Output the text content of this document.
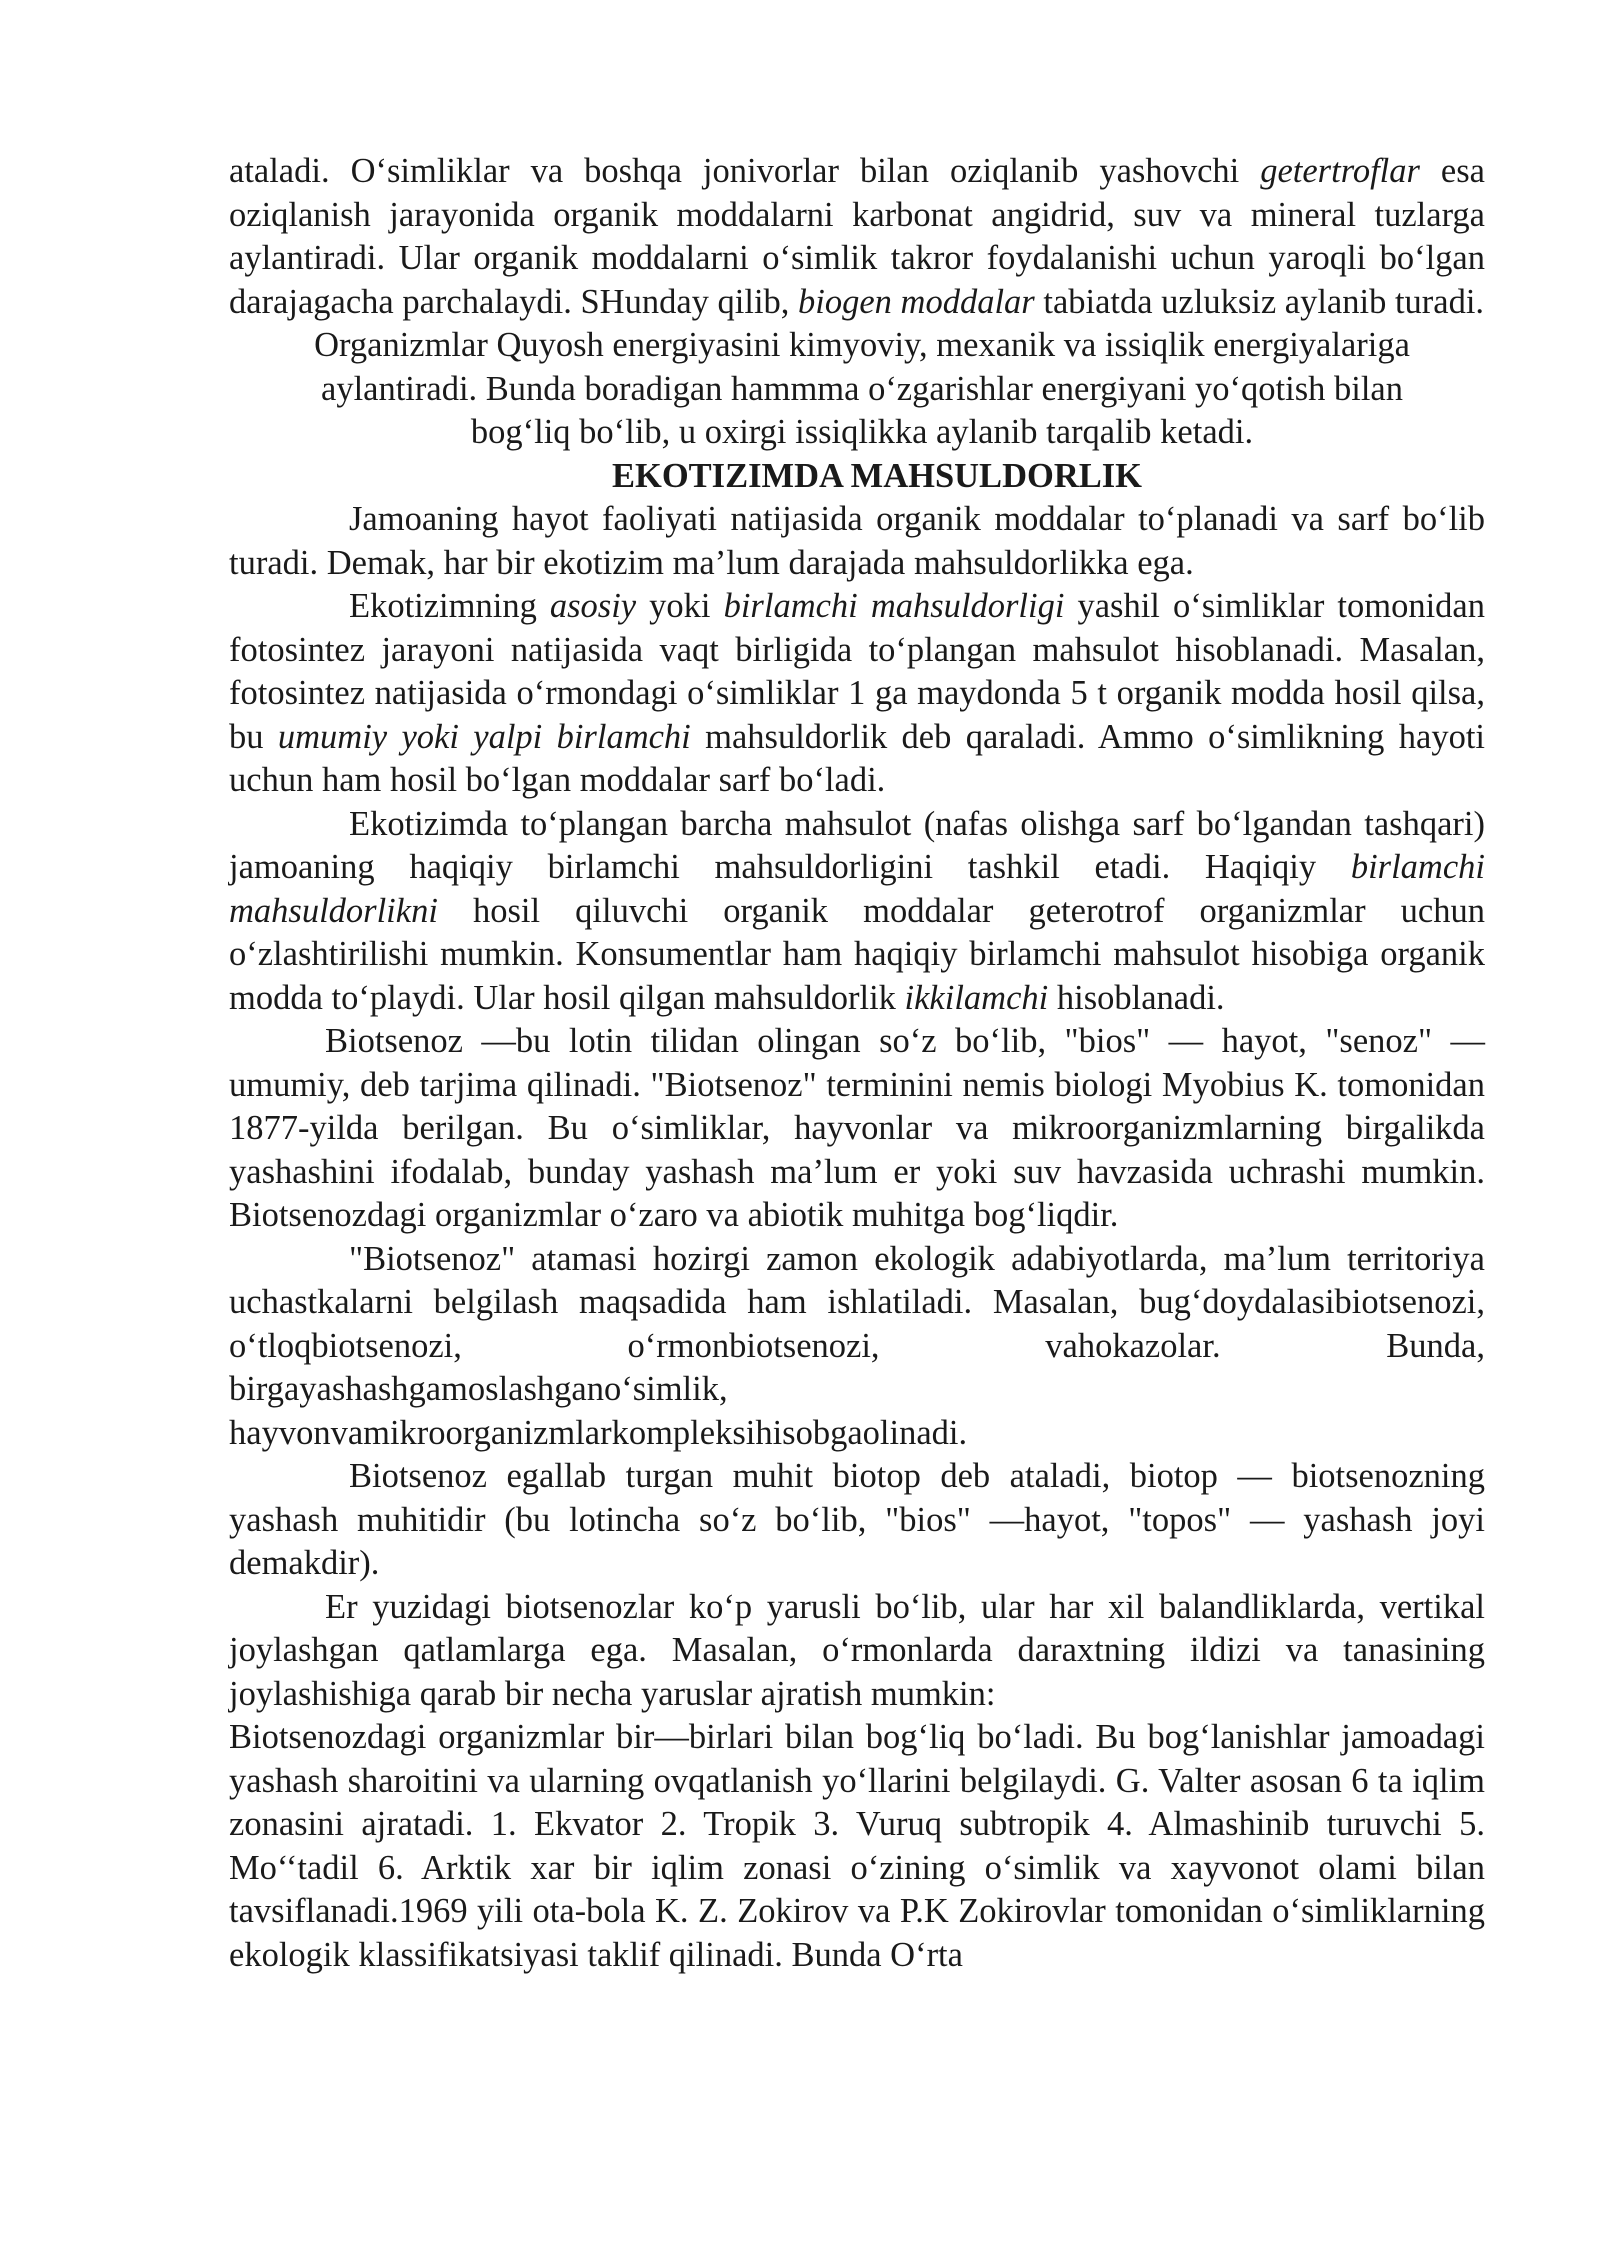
ataladi. O‘simliklar va boshqa jonivorlar bilan oziqlanib yashovchi getertroflar esa oziqlanish jarayonida organik moddalarni karbonat angidrid, suv va mineral tuzlarga aylantiradi. Ular organik moddalarni o‘simlik takror foydalanishi uchun yaroqli bo‘lgan darajagacha parchalaydi. SHunday qilib, biogen moddalar tabiatda uzluksiz aylanib turadi.

Organizmlar Quyosh energiyasini kimyoviy, mexanik va issiqlik energiyalariga aylantiradi. Bunda boradigan hammma o‘zgarishlar energiyani yo‘qotish bilan bog‘liq bo‘lib, u oxirgi issiqlikka aylanib tarqalib ketadi.

EKOTIZIMDA MAHSULDORLIK

Jamoaning hayot faoliyati natijasida organik moddalar to‘planadi va sarf bo‘lib turadi. Demak, har bir ekotizim ma’lum darajada mahsuldorlikka ega.

Ekotizimning asosiy yoki birlamchi mahsuldorligi yashil o‘simliklar tomonidan fotosintez jarayoni natijasida vaqt birligida to‘plangan mahsulot hisoblanadi. Masalan, fotosintez natijasida o‘rmondagi o‘simliklar 1 ga maydonda 5 t organik modda hosil qilsa, bu umumiy yoki yalpi birlamchi mahsuldorlik deb qaraladi. Ammo o‘simlikning hayoti uchun ham hosil bo‘lgan moddalar sarf bo‘ladi.

Ekotizimda to‘plangan barcha mahsulot (nafas olishga sarf bo‘lgandan tashqari) jamoaning haqiqiy birlamchi mahsuldorligini tashkil etadi. Haqiqiy birlamchi mahsuldorlikni hosil qiluvchi organik moddalar geterotrof organizmlar uchun o‘zlashtirilishi mumkin. Konsumentlar ham haqiqiy birlamchi mahsulot hisobiga organik modda to‘playdi. Ular hosil qilgan mahsuldorlik ikkilamchi hisoblanadi.

Biotsenoz —bu lotin tilidan olingan so‘z bo‘lib, "bios" — hayot, "senoz" — umumiy, deb tarjima qilinadi. "Biotsenoz" terminini nemis biologi Myobius K. tomonidan 1877-yilda berilgan. Bu o‘simliklar, hayvonlar va mikroorganizmlarning birgalikda yashashini ifodalab, bunday yashash ma’lum er yoki suv havzasida uchrashi mumkin. Biotsenozdagi organizmlar o‘zaro va abiotik muhitga bog‘liqdir.

"Biotsenoz" atamasi hozirgi zamon ekologik adabiyotlarda, ma’lum territoriya uchastkalarni belgilash maqsadida ham ishlatiladi. Masalan, bug‘doydalasibiotsenozi, o‘tloqbiotsenozi, o‘rmonbiotsenozi, vahokazolar. Bunda, birgayashashgamoslashgano‘simlik,

hayvonvamikroorganizmlarkompleksihisobgaolinadi.

Biotsenoz egallab turgan muhit biotop deb ataladi, biotop — biotsenozning yashash muhitidir (bu lotincha so‘z bo‘lib, "bios" —hayot, "topos" — yashash joyi demakdir).

Er yuzidagi biotsenozlar ko‘p yarusli bo‘lib, ular har xil balandliklarda, vertikal joylashgan qatlamlarga ega. Masalan, o‘rmonlarda daraxtning ildizi va tanasining joylashishiga qarab bir necha yaruslar ajratish mumkin:

Biotsenozdagi organizmlar bir—birlari bilan bog‘liq bo‘ladi. Bu bog‘lanishlar jamoadagi yashash sharoitini va ularning ovqatlanish yo‘llarini belgilaydi. G. Valter asosan 6 ta iqlim zonasini ajratadi. 1. Ekvator 2. Tropik 3. Vuruq subtropik 4. Almashinib turuvchi 5. Mo‘‘tadil 6. Arktik xar bir iqlim zonasi o‘zining o‘simlik va xayvonot olami bilan tavsiflanadi.1969 yili ota-bola K. Z. Zokirov va P.K Zokirovlar tomonidan o‘simliklarning ekologik klassifikatsiyasi taklif qilinadi. Bunda O‘rta
